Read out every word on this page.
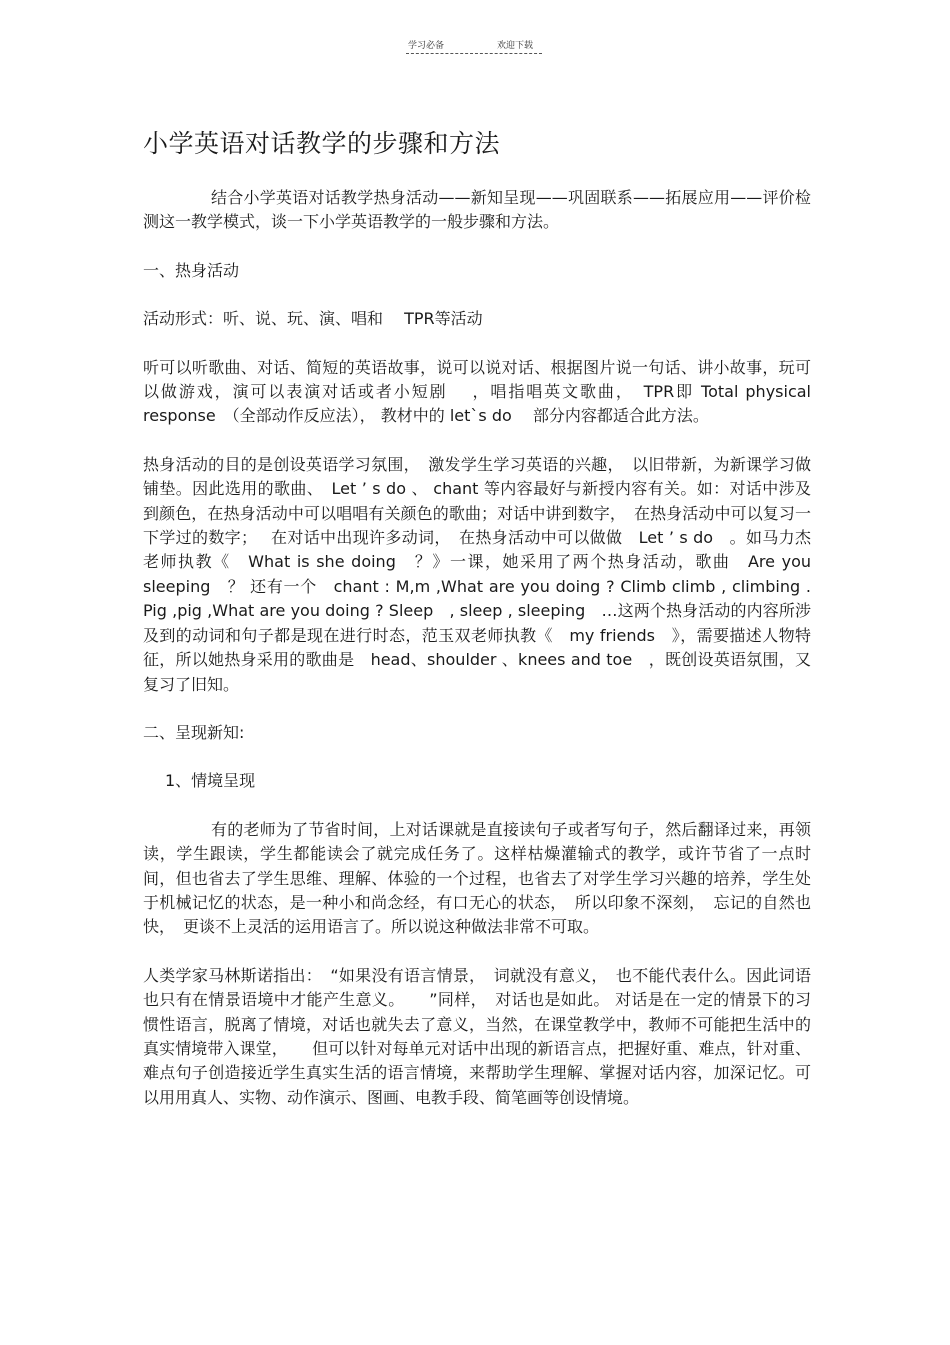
学习必备	欢迎下载
小学英语对话教学的步骤和方法

结合小学英语对话教学热身活动——新知呈现——巩固联系——拓展应用——评价检测这一教学模式，谈一下小学英语教学的一般步骤和方法。

一、热身活动

活动形式：听、说、玩、演、唱和　 TPR等活动

听可以听歌曲、对话、简短的英语故事，说可以说对话、根据图片说一句话、讲小故事，玩可以做游戏，演可以表演对话或者小短剧　 ，唱指唱英文歌曲，　TPR即 Total physical response　（全部动作反应法）， 教材中的 let`s do　 部分内容都适合此方法。

热身活动的目的是创设英语学习氛围，　激发学生学习英语的兴趣，　以旧带新，为新课学习做铺垫。因此选用的歌曲、　Let ’ s do 、 chant 等内容最好与新授内容有关。如：对话中涉及到颜色，在热身活动中可以唱唱有关颜色的歌曲；对话中讲到数字，　在热身活动中可以复习一下学过的数字；　 在对话中出现许多动词，　在热身活动中可以做做　Let ’ s do　。如马力杰老师执教《　What is she doing　？》一课，她采用了两个热身活动，歌曲　Are you sleeping　？ 还有一个　chant : M,m ,What are you doing ? Climb climb , climbing . Pig ,pig ,What are you doing ? Sleep　, sleep , sleeping　…这两个热身活动的内容所涉及到的动词和句子都是现在进行时态，范玉双老师执教《　my friends　》，需要描述人物特征，所以她热身采用的歌曲是　head、shoulder 、knees and toe　，既创设英语氛围，又复习了旧知。

二、呈现新知:

1、情境呈现

有的老师为了节省时间，上对话课就是直接读句子或者写句子，然后翻译过来，再领读，学生跟读，学生都能读会了就完成任务了。这样枯燥灌输式的教学，或许节省了一点时间，但也省去了学生思维、理解、体验的一个过程，也省去了对学生学习兴趣的培养，学生处于机械记忆的状态，是一种小和尚念经，有口无心的状态，　所以印象不深刻，　忘记的自然也快，　更谈不上灵活的运用语言了。所以说这种做法非常不可取。

人类学家马林斯诺指出：　“如果没有语言情景，　词就没有意义，　也不能代表什么。因此词语也只有在情景语境中才能产生意义。　　”同样，　对话也是如此。 对话是在一定的情景下的习惯性语言，脱离了情境，对话也就失去了意义，当然，在课堂教学中，教师不可能把生活中的真实情境带入课堂，　　但可以针对每单元对话中出现的新语言点，把握好重、难点，针对重、难点句子创造接近学生真实生活的语言情境，来帮助学生理解、掌握对话内容，加深记忆。可以用用真人、实物、动作演示、图画、电教手段、简笔画等创设情境。
